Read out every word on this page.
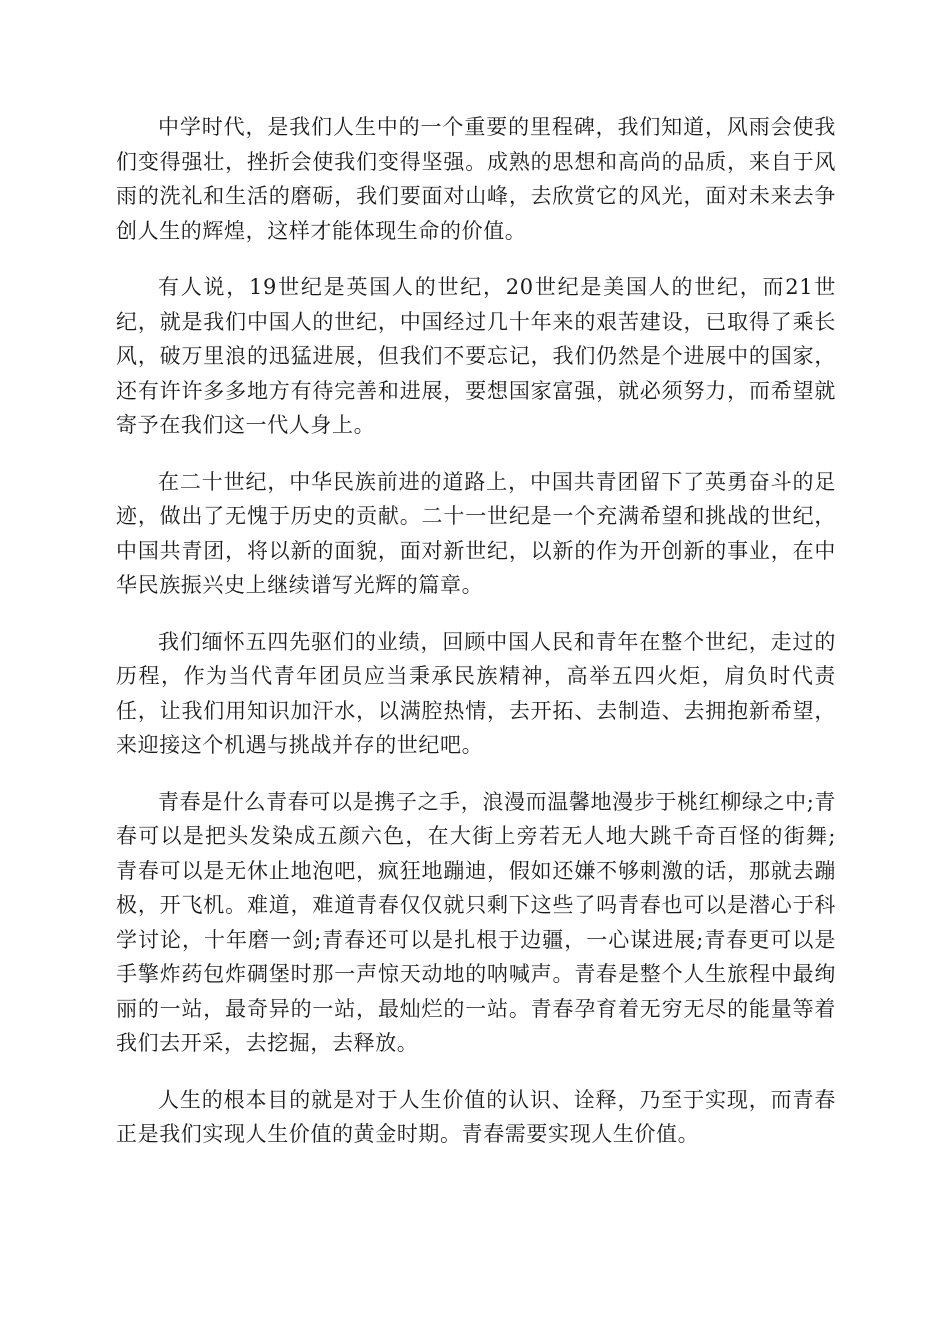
中学时代，是我们人生中的一个重要的里程碑，我们知道，风雨会使我们变得强壮，挫折会使我们变得坚强。成熟的思想和高尚的品质，来自于风雨的洗礼和生活的磨砺，我们要面对山峰，去欣赏它的风光，面对未来去争创人生的辉煌，这样才能体现生命的价值。

有人说，19世纪是英国人的世纪，20世纪是美国人的世纪，而21世纪，就是我们中国人的世纪，中国经过几十年来的艰苦建设，已取得了乘长风，破万里浪的迅猛进展，但我们不要忘记，我们仍然是个进展中的国家，还有许许多多地方有待完善和进展，要想国家富强，就必须努力，而希望就寄予在我们这一代人身上。

在二十世纪，中华民族前进的道路上，中国共青团留下了英勇奋斗的足迹，做出了无愧于历史的贡献。二十一世纪是一个充满希望和挑战的世纪，中国共青团，将以新的面貌，面对新世纪，以新的作为开创新的事业，在中华民族振兴史上继续谱写光辉的篇章。

我们缅怀五四先驱们的业绩，回顾中国人民和青年在整个世纪，走过的历程，作为当代青年团员应当秉承民族精神，高举五四火炬，肩负时代责任，让我们用知识加汗水，以满腔热情，去开拓、去制造、去拥抱新希望，来迎接这个机遇与挑战并存的世纪吧。

青春是什么青春可以是携子之手，浪漫而温馨地漫步于桃红柳绿之中;青春可以是把头发染成五颜六色，在大街上旁若无人地大跳千奇百怪的街舞;青春可以是无休止地泡吧，疯狂地蹦迪，假如还嫌不够刺激的话，那就去蹦极，开飞机。难道，难道青春仅仅就只剩下这些了吗青春也可以是潜心于科学讨论，十年磨一剑;青春还可以是扎根于边疆，一心谋进展;青春更可以是手擎炸药包炸碉堡时那一声惊天动地的呐喊声。青春是整个人生旅程中最绚丽的一站，最奇异的一站，最灿烂的一站。青春孕育着无穷无尽的能量等着我们去开采，去挖掘，去释放。

人生的根本目的就是对于人生价值的认识、诠释，乃至于实现，而青春正是我们实现人生价值的黄金时期。青春需要实现人生价值。
